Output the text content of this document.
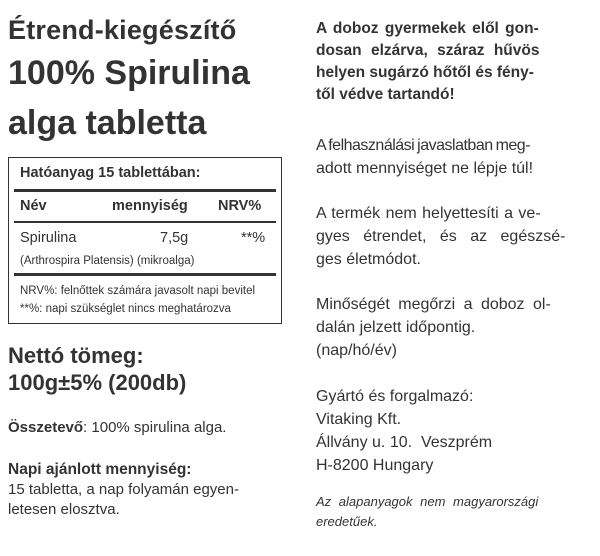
Étrend-kiegészítő
100% Spirulina
alga tabletta
Hatóanyag 15 tablettában:
Név	mennyiség NRV%
Spirulina	7,5g	**%
(Arthrospira Platensis) (mikroalga)
NRV%: felnőttek számára javasolt napi bevitel
**%: napi szükséglet nincs meghatározva
Nettó tömeg:
100g±5% (200db)
Összetevő: 100% spirulina alga.
Napi ajánlott mennyiség:
15 tabletta, a nap folyamán egyen-
letesen elosztva.
A doboz gyermekek elől gon-
dosan elzárva, száraz hűvös
helyen sugárzó hőtől és fény-
től védve tartandó!
A felhasználási javaslatban meg-
adott mennyiséget ne lépje túl!
A termék nem helyettesíti a ve-
gyes étrendet, és az egészsé-
ges életmódot.
Minőségét megőrzi a doboz ol-
dalán jelzett időpontig.
(nap/hó/év)
Gyártó és forgalmazó:
Vitaking Kft.
Állvány u. 10.  Veszprém
H-8200 Hungary
Az alapanyagok nem magyarországi
eredetűek.
